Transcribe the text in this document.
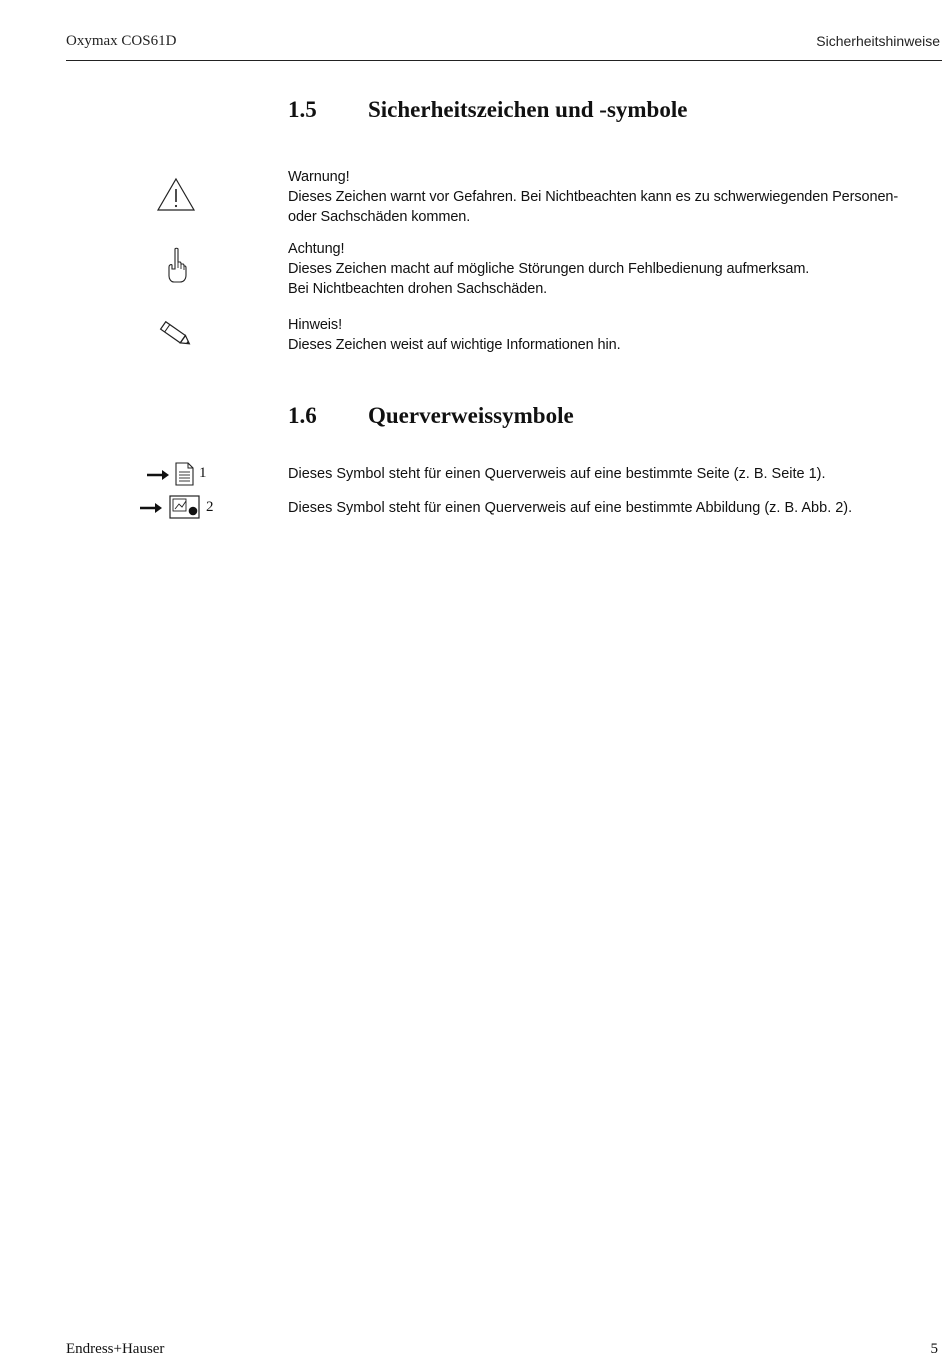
Oxymax COS61D	Sicherheitshinweise
1.5 Sicherheitszeichen und -symbole
Warnung!
Dieses Zeichen warnt vor Gefahren. Bei Nichtbeachten kann es zu schwerwiegenden Personen-
oder Sachschäden kommen.
Achtung!
Dieses Zeichen macht auf mögliche Störungen durch Fehlbedienung aufmerksam.
Bei Nichtbeachten drohen Sachschäden.
Hinweis!
Dieses Zeichen weist auf wichtige Informationen hin.
1.6 Querverweissymbole
1	Dieses Symbol steht für einen Querverweis auf eine bestimmte Seite (z. B. Seite 1).
2	Dieses Symbol steht für einen Querverweis auf eine bestimmte Abbildung (z. B. Abb. 2).
Endress+Hauser	5
